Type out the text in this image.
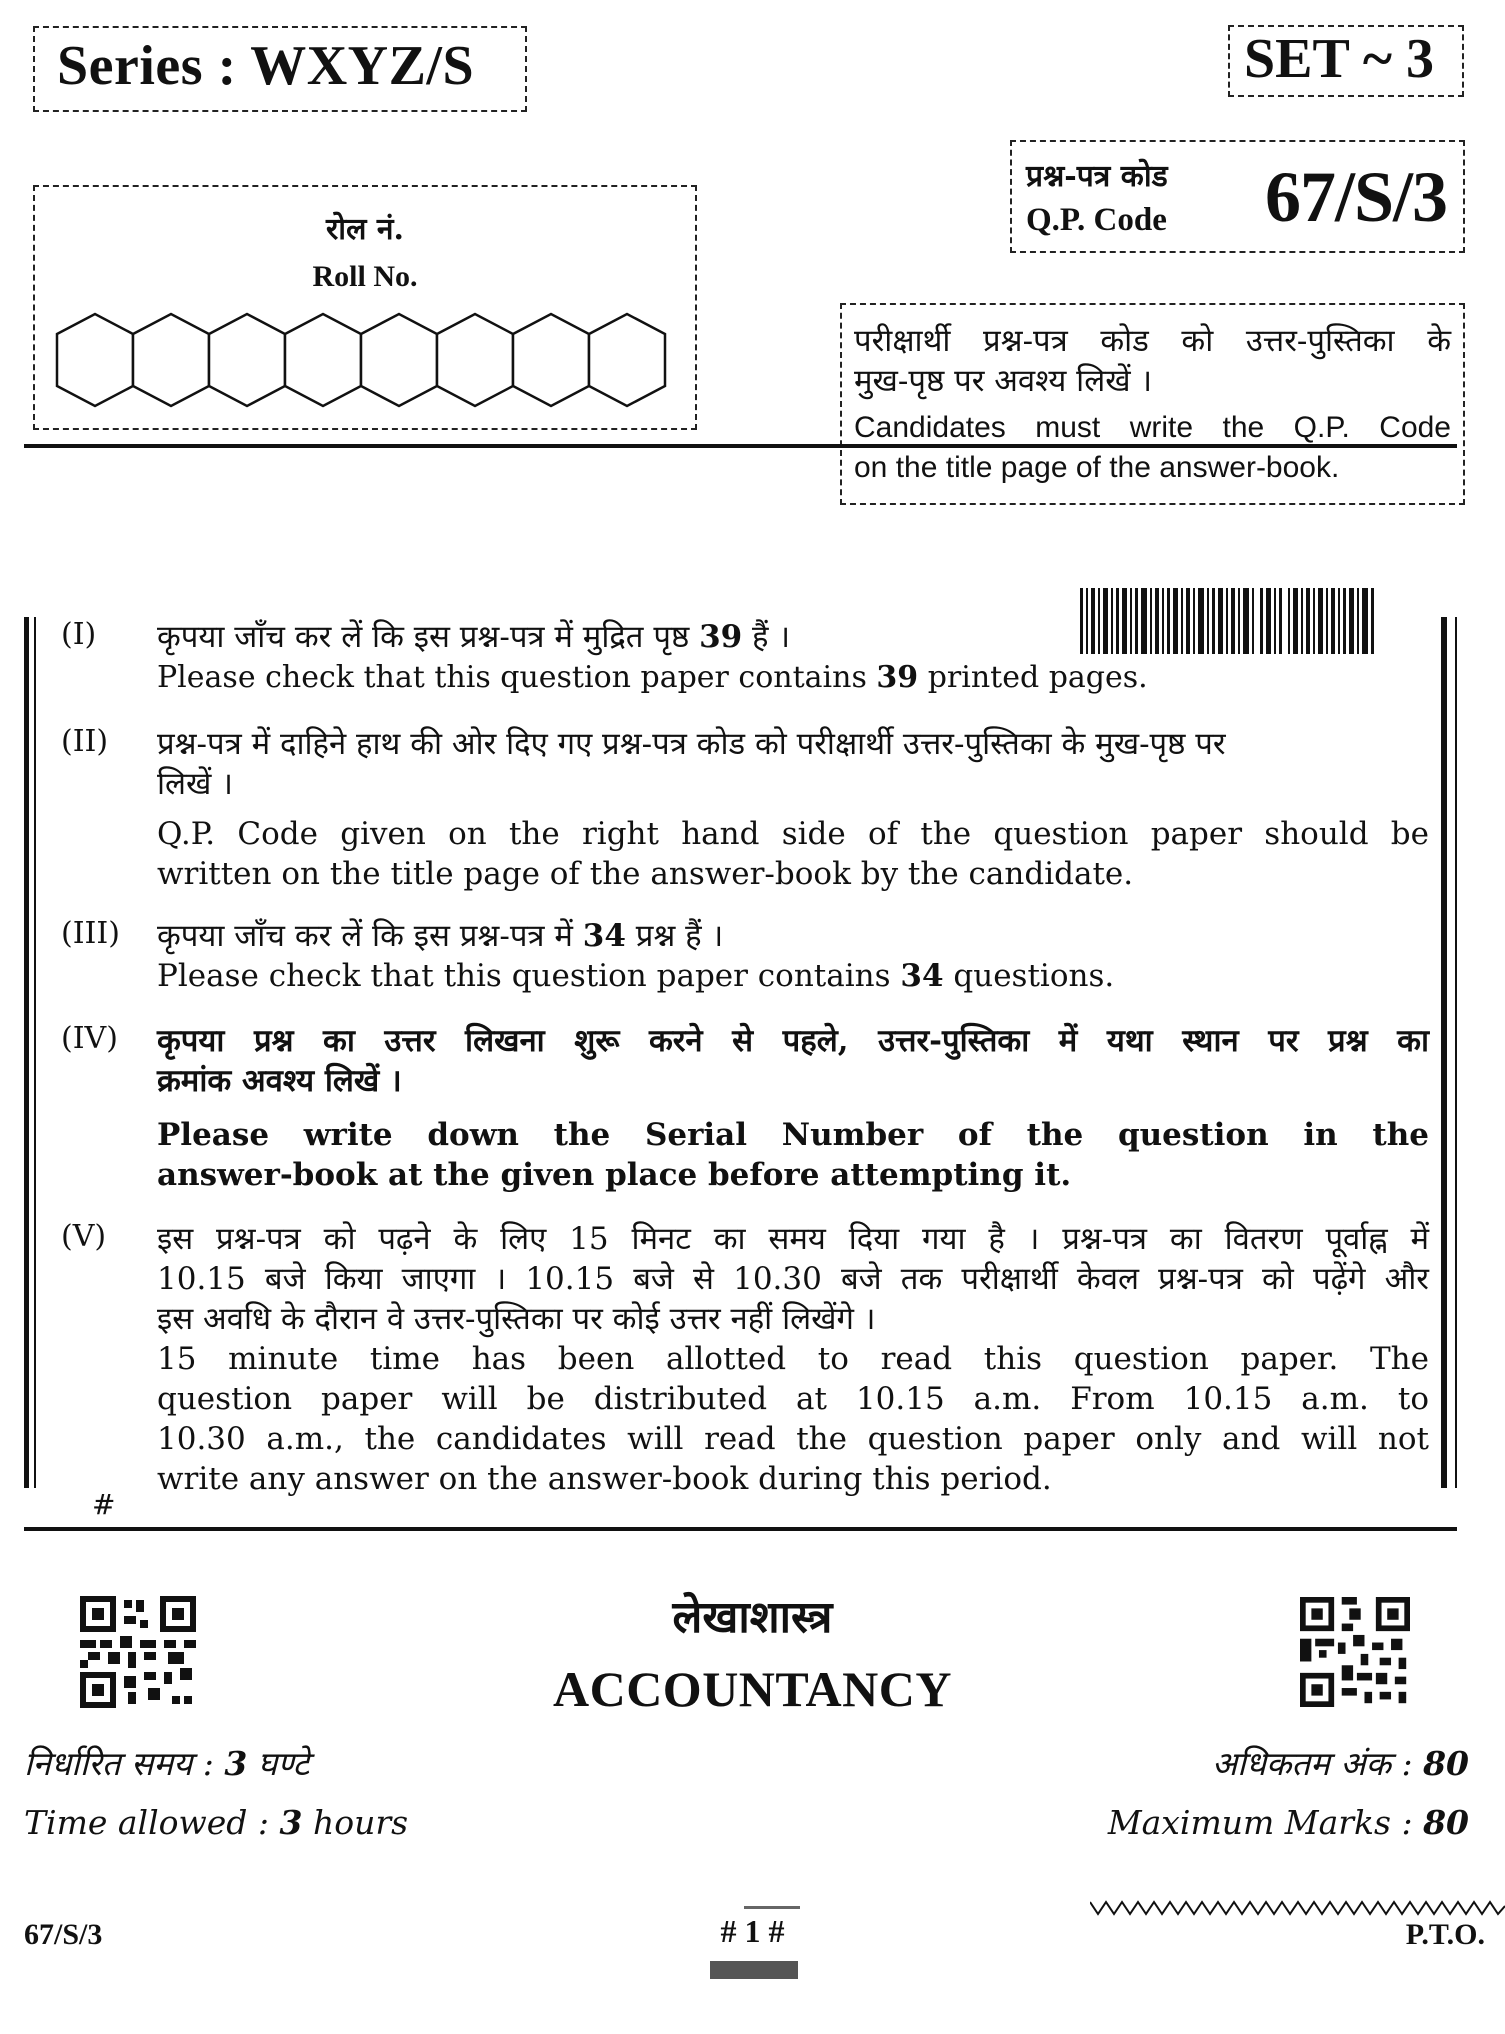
Series : WXYZ/S	SET ~ 3
रोल नं.
Roll No.
प्रश्न-पत्र कोड
Q.P. Code 67/S/3
परीक्षार्थी प्रश्न-पत्र कोड को उत्तर-पुस्तिका के
मुख-पृष्ठ पर अवश्य लिखें ।
Candidates must write the Q.P. Code
on the title page of the answer-book.
(I) कृपया जाँच कर लें कि इस प्रश्न-पत्र में मुद्रित पृष्ठ 39 हैं ।
Please check that this question paper contains 39 printed pages.
(II) प्रश्न-पत्र में दाहिने हाथ की ओर दिए गए प्रश्न-पत्र कोड को परीक्षार्थी उत्तर-पुस्तिका के मुख-पृष्ठ पर
लिखें ।
Q.P. Code given on the right hand side of the question paper should be
written on the title page of the answer-book by the candidate.
(III) कृपया जाँच कर लें कि इस प्रश्न-पत्र में 34 प्रश्न हैं ।
Please check that this question paper contains 34 questions.
(IV) कृपया प्रश्न का उत्तर लिखना शुरू करने से पहले, उत्तर-पुस्तिका में यथा स्थान पर प्रश्न का
क्रमांक अवश्य लिखें ।
Please write down the Serial Number of the question in the
answer-book at the given place before attempting it.
(V) इस प्रश्न-पत्र को पढ़ने के लिए 15 मिनट का समय दिया गया है । प्रश्न-पत्र का वितरण पूर्वाह्न में
10.15 बजे किया जाएगा । 10.15 बजे से 10.30 बजे तक परीक्षार्थी केवल प्रश्न-पत्र को पढ़ेंगे और
इस अवधि के दौरान वे उत्तर-पुस्तिका पर कोई उत्तर नहीं लिखेंगे ।
15 minute time has been allotted to read this question paper. The
question paper will be distributed at 10.15 a.m. From 10.15 a.m. to
10.30 a.m., the candidates will read the question paper only and will not
write any answer on the answer-book during this period.
#
लेखाशास्त्र
ACCOUNTANCY
निर्धारित समय : 3 घण्टे
Time allowed : 3 hours
अधिकतम अंक : 80
Maximum Marks : 80
67/S/3	# 1 #	P.T.O.
